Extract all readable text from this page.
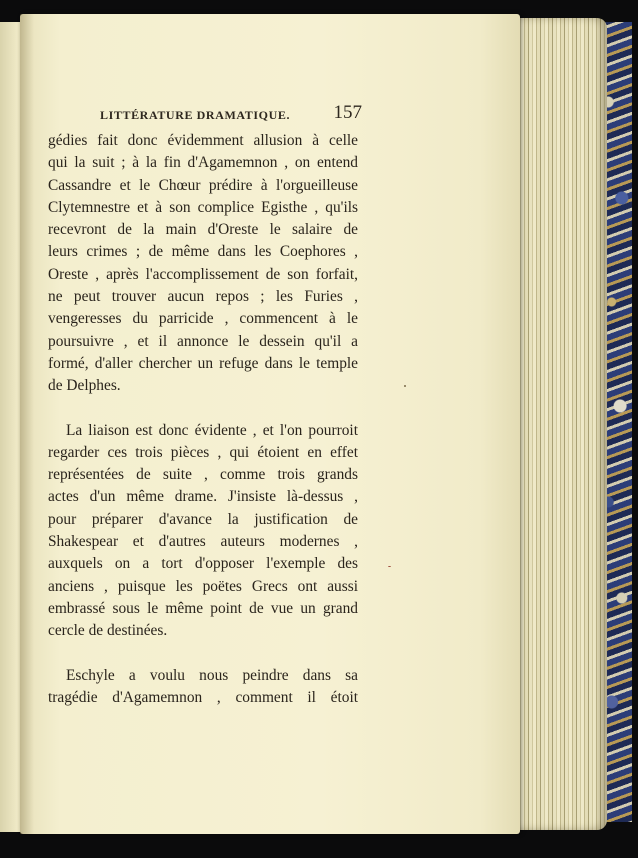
LITTÉRATURE DRAMATIQUE. 157
gédies fait donc évidemment allusion à celle
qui la suit ; à la fin d'Agamemnon , on entend
Cassandre et le Chœur prédire à l'orgueilleuse
Clytemnestre et à son complice Egisthe , qu'ils
recevront de la main d'Oreste le salaire de
leurs crimes ; de même dans les Coephores ,
Oreste , après l'accomplissement de son forfait,
ne peut trouver aucun repos ; les Furies ,
vengeresses du parricide , commencent à le
poursuivre , et il annonce le dessein qu'il a
formé, d'aller chercher un refuge dans le temple
de Delphes.
La liaison est donc évidente , et l'on pourroit
regarder ces trois pièces , qui étoient en effet
représentées de suite , comme trois grands
actes d'un même drame. J'insiste là-dessus ,
pour préparer d'avance la justification de
Shakespear et d'autres auteurs modernes ,
auxquels on a tort d'opposer l'exemple des
anciens , puisque les poëtes Grecs ont aussi
embrassé sous le même point de vue un grand
cercle de destinées.
Eschyle a voulu nous peindre dans sa
tragédie d'Agamemnon , comment il étoit
